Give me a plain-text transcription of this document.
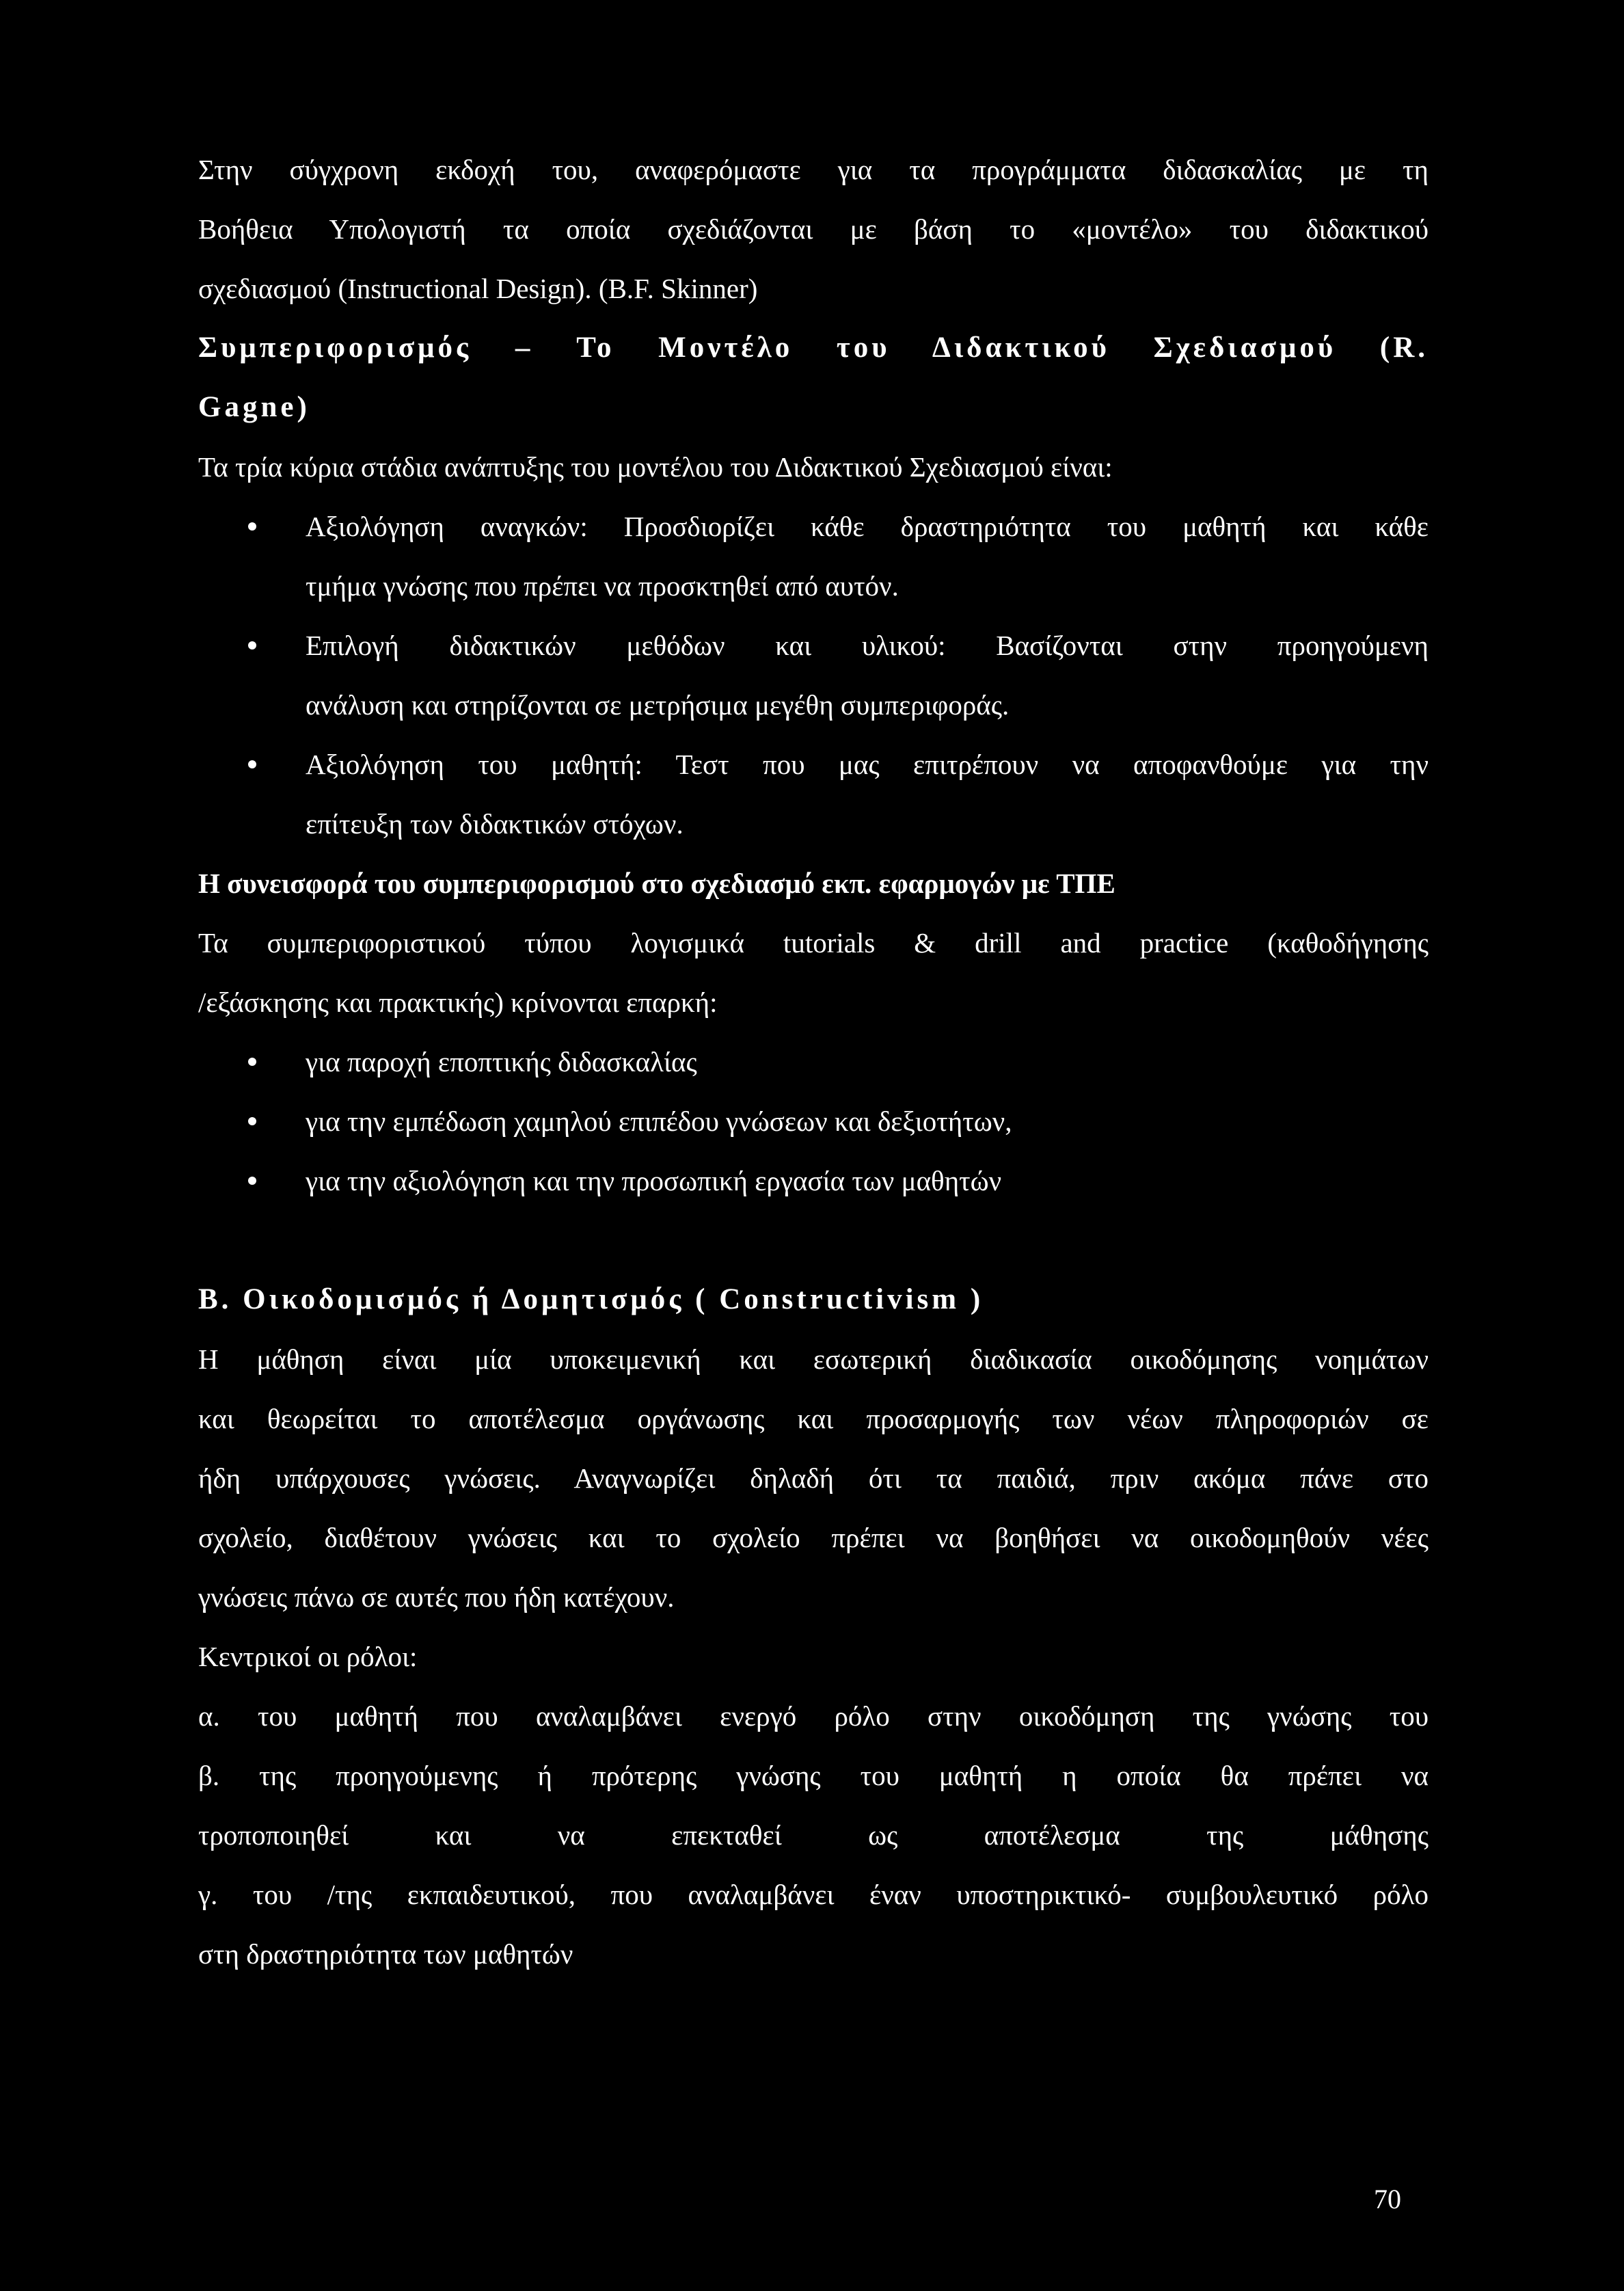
Στην σύγχρονη εκδοχή του, αναφερόμαστε για τα προγράμματα διδασκαλίας με τη
Βοήθεια Υπολογιστή τα οποία σχεδιάζονται με βάση το «μοντέλο» του διδακτικού
σχεδιασμού (Instructional Design). (B.F. Skinner)
Συμπεριφορισμός – Το Μοντέλο του Διδακτικού Σχεδιασμού (R.
Gagne)
Τα τρία κύρια στάδια ανάπτυξης του μοντέλου του Διδακτικού Σχεδιασμού είναι:
Αξιολόγηση αναγκών: Προσδιορίζει κάθε δραστηριότητα του μαθητή και κάθε
τμήμα γνώσης που πρέπει να προσκτηθεί από αυτόν.
Επιλογή διδακτικών μεθόδων και υλικού: Βασίζονται στην προηγούμενη
ανάλυση και στηρίζονται σε μετρήσιμα μεγέθη συμπεριφοράς.
Αξιολόγηση του μαθητή: Τεστ που μας επιτρέπουν να αποφανθούμε για την
επίτευξη των διδακτικών στόχων.
Η συνεισφορά του συμπεριφορισμού στο σχεδιασμό εκπ. εφαρμογών με ΤΠΕ
Τα συμπεριφοριστικού τύπου λογισμικά tutorials & drill and practice (καθοδήγησης
/εξάσκησης και πρακτικής) κρίνονται επαρκή:
για παροχή εποπτικής διδασκαλίας
για την εμπέδωση χαμηλού επιπέδου γνώσεων και δεξιοτήτων,
για την αξιολόγηση και την προσωπική εργασία των μαθητών
Β. Οικοδομισμός ή Δομητισμός ( Constructivism )
Η μάθηση είναι μία υποκειμενική και εσωτερική διαδικασία οικοδόμησης νοημάτων
και θεωρείται το αποτέλεσμα οργάνωσης και προσαρμογής των νέων πληροφοριών σε
ήδη υπάρχουσες γνώσεις. Αναγνωρίζει δηλαδή ότι τα παιδιά, πριν ακόμα πάνε στο
σχολείο, διαθέτουν γνώσεις και το σχολείο πρέπει να βοηθήσει να οικοδομηθούν νέες
γνώσεις πάνω σε αυτές που ήδη κατέχουν.
Κεντρικοί οι ρόλοι:
α. του μαθητή που αναλαμβάνει ενεργό ρόλο στην οικοδόμηση της γνώσης του
β. της προηγούμενης ή πρότερης γνώσης του μαθητή η οποία θα πρέπει να
τροποποιηθεί και να επεκταθεί ως αποτέλεσμα της μάθησης
γ. του /της εκπαιδευτικού, που αναλαμβάνει έναν υποστηρικτικό- συμβουλευτικό ρόλο
στη δραστηριότητα των μαθητών
70
